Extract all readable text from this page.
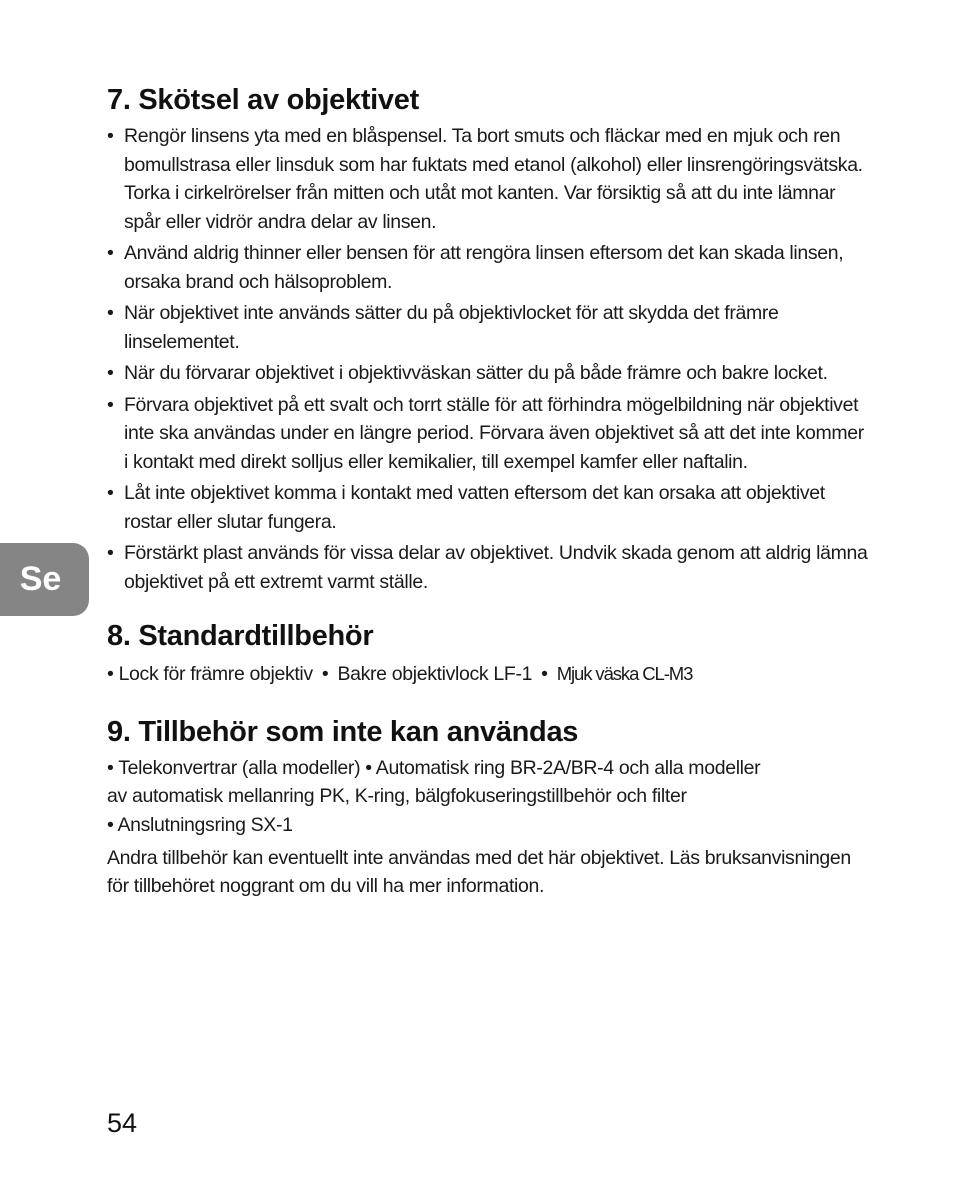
Se
7. Skötsel av objektivet
• Rengör linsens yta med en blåspensel. Ta bort smuts och fläckar med en mjuk och ren bomullstrasa eller linsduk som har fuktats med etanol (alkohol) eller linsrengöringsvätska. Torka i cirkelrörelser från mitten och utåt mot kanten. Var försiktig så att du inte lämnar spår eller vidrör andra delar av linsen.
• Använd aldrig thinner eller bensen för att rengöra linsen eftersom det kan skada linsen, orsaka brand och hälsoproblem.
• När objektivet inte används sätter du på objektivlocket för att skydda det främre linselementet.
• När du förvarar objektivet i objektivväskan sätter du på både främre och bakre locket.
• Förvara objektivet på ett svalt och torrt ställe för att förhindra mögelbildning när objektivet inte ska användas under en längre period. Förvara även objektivet så att det inte kommer i kontakt med direkt solljus eller kemikalier, till exempel kamfer eller naftalin.
• Låt inte objektivet komma i kontakt med vatten eftersom det kan orsaka att objektivet rostar eller slutar fungera.
• Förstärkt plast används för vissa delar av objektivet. Undvik skada genom att aldrig lämna objektivet på ett extremt varmt ställe.
8. Standardtillbehör
• Lock för främre objektiv • Bakre objektivlock LF-1 • Mjuk väska CL-M3
9. Tillbehör som inte kan användas

• Telekonvertrar (alla modeller) • Automatisk ring BR-2A/BR-4 och alla modeller

av automatisk mellanring PK, K-ring, bälgfokuseringstillbehör och filter

• Anslutningsring SX-1

Andra tillbehör kan eventuellt inte användas med det här objektivet. Läs bruksanvisningen för tillbehöret noggrant om du vill ha mer information.

54
